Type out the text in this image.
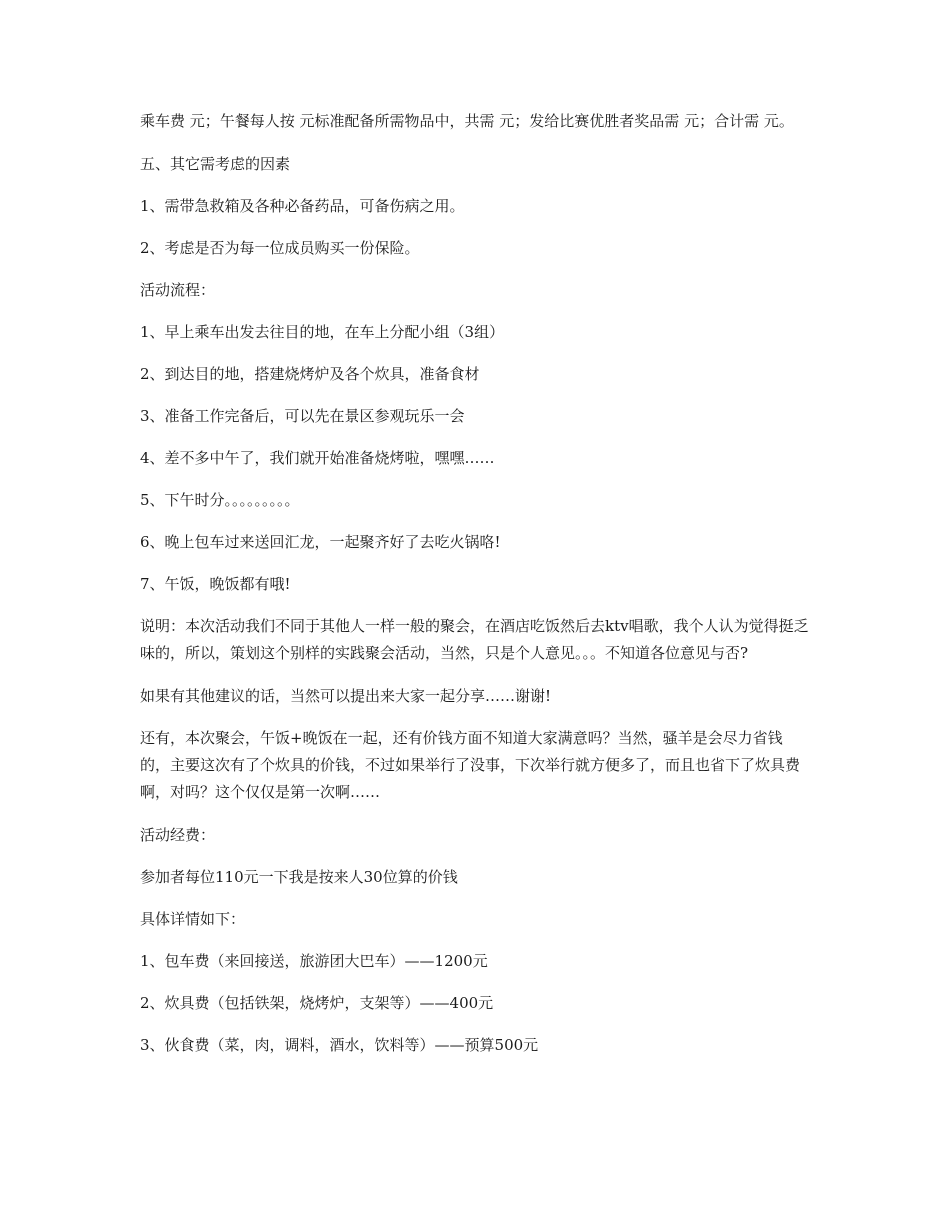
乘车费 元；午餐每人按 元标准配备所需物品中，共需 元；发给比赛优胜者奖品需 元；合计需 元。

五、其它需考虑的因素

1、需带急救箱及各种必备药品，可备伤病之用。

2、考虑是否为每一位成员购买一份保险。

活动流程：

1、早上乘车出发去往目的地，在车上分配小组（3组）

2、到达目的地，搭建烧烤炉及各个炊具，准备食材

3、准备工作完备后，可以先在景区参观玩乐一会

4、差不多中午了，我们就开始准备烧烤啦，嘿嘿……

5、下午时分。。。。。。。。。

6、晚上包车过来送回汇龙，一起聚齐好了去吃火锅咯!

7、午饭，晚饭都有哦!

说明：本次活动我们不同于其他人一样一般的聚会，在酒店吃饭然后去ktv唱歌，我个人认为觉得挺乏味的，所以，策划这个别样的实践聚会活动，当然，只是个人意见。。。不知道各位意见与否?

如果有其他建议的话，当然可以提出来大家一起分享……谢谢!

还有，本次聚会，午饭+晚饭在一起，还有价钱方面不知道大家满意吗？当然，骚羊是会尽力省钱的，主要这次有了个炊具的价钱，不过如果举行了没事，下次举行就方便多了，而且也省下了炊具费啊，对吗？这个仅仅是第一次啊……

活动经费：

参加者每位110元一下我是按来人30位算的价钱

具体详情如下：

1、包车费（来回接送，旅游团大巴车）——1200元

2、炊具费（包括铁架，烧烤炉，支架等）——400元

3、伙食费（菜，肉，调料，酒水，饮料等）——预算500元
